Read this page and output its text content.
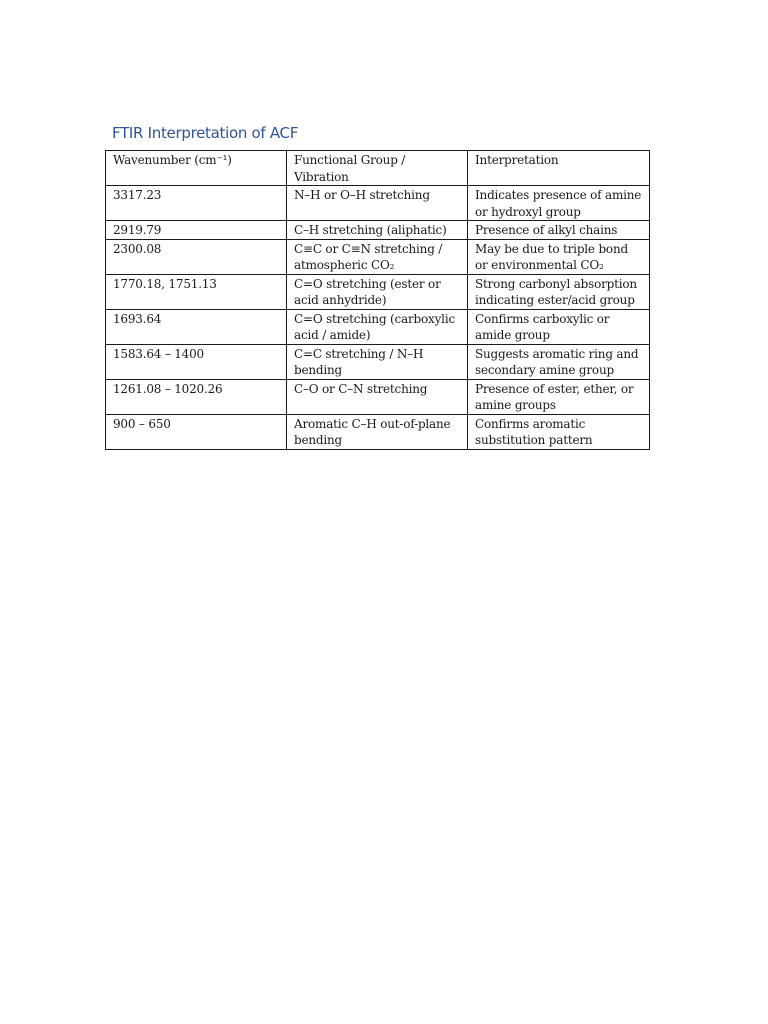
FTIR Interpretation of ACF
Wavenumber (cm⁻¹)	Functional Group / Vibration	Interpretation
3317.23	N–H or O–H stretching	Indicates presence of amine or hydroxyl group
2919.79	C–H stretching (aliphatic)	Presence of alkyl chains
2300.08	C≡C or C≡N stretching / atmospheric CO₂	May be due to triple bond or environmental CO₂
1770.18, 1751.13	C=O stretching (ester or acid anhydride)	Strong carbonyl absorption indicating ester/acid group
1693.64	C=O stretching (carboxylic acid / amide)	Confirms carboxylic or amide group
1583.64 – 1400	C=C stretching / N–H bending	Suggests aromatic ring and secondary amine group
1261.08 – 1020.26	C–O or C–N stretching	Presence of ester, ether, or amine groups
900 – 650	Aromatic C–H out-of-plane bending	Confirms aromatic substitution pattern
